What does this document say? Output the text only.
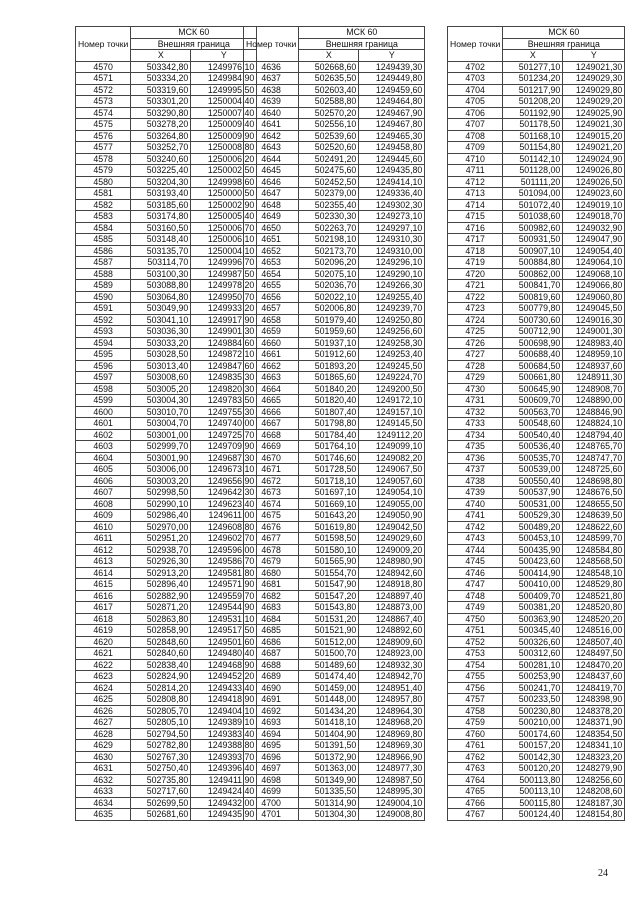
Номер точки	МСК 60	
	Внешняя граница	
	X	Y
4570	503342,80	1249976,10
4571	503334,20	1249984,90
4572	503319,60	1249995,50
4573	503301,20	1250004,40
4574	503290,80	1250007,40
4575	503278,20	1250009,40
4576	503264,80	1250009,90
4577	503252,70	1250008,80
4578	503240,60	1250006,20
4579	503225,40	1250002,50
4580	503204,30	1249998,60
4581	503193,40	1250000,50
4582	503185,60	1250002,90
4583	503174,80	1250005,40
4584	503160,50	1250006,70
4585	503148,40	1250006,10
4586	503135,70	1250004,10
4587	503114,70	1249996,70
4588	503100,30	1249987,50
4589	503088,80	1249978,20
4590	503064,80	1249950,70
4591	503049,90	1249933,20
4592	503041,10	1249917,90
4593	503036,30	1249901,30
4594	503033,20	1249884,60
4595	503028,50	1249872,10
4596	503013,40	1249847,60
4597	503008,60	1249835,30
4598	503005,20	1249820,30
4599	503004,30	1249783,50
4600	503010,70	1249755,30
4601	503004,70	1249740,00
4602	503001,00	1249725,70
4603	502999,70	1249709,90
4604	503001,90	1249687,30
4605	503006,00	1249673,10
4606	503003,20	1249656,90
4607	502998,50	1249642,30
4608	502990,10	1249623,40
4609	502986,40	1249611,00
4610	502970,00	1249608,80
4611	502951,20	1249602,70
4612	502938,70	1249596,00
4613	502926,30	1249586,70
4614	502913,20	1249581,80
4615	502896,40	1249571,90
4616	502882,90	1249559,70
4617	502871,20	1249544,90
4618	502863,80	1249531,10
4619	502858,90	1249517,50
4620	502848,60	1249501,60
4621	502840,60	1249480,40
4622	502838,40	1249468,90
4623	502824,90	1249452,20
4624	502814,20	1249433,40
4625	502808,80	1249418,90
4626	502805,70	1249404,10
4627	502805,10	1249389,10
4628	502794,50	1249383,40
4629	502782,80	1249388,80
4630	502767,30	1249393,70
4631	502750,40	1249396,40
4632	502735,80	1249411,90
4633	502717,60	1249424,40
4634	502699,50	1249432,00
4635	502681,60	1249435,90
Номер точки	МСК 60	
	Внешняя граница	
	X	Y
4636	502668,60	1249439,30
4637	502635,50	1249449,80
4638	502603,40	1249459,60
4639	502588,80	1249464,80
4640	502570,20	1249467,90
4641	502556,10	1249467,80
4642	502539,60	1249465,30
4643	502520,60	1249458,80
4644	502491,20	1249445,60
4645	502475,60	1249435,80
4646	502452,50	1249414,10
4647	502379,00	1249336,40
4648	502355,40	1249302,30
4649	502330,30	1249273,10
4650	502263,70	1249297,10
4651	502198,10	1249310,30
4652	502173,70	1249310,00
4653	502096,20	1249296,10
4654	502075,10	1249290,10
4655	502036,70	1249266,30
4656	502022,10	1249255,40
4657	502006,80	1249239,70
4658	501979,40	1249250,80
4659	501959,60	1249256,60
4660	501937,10	1249258,30
4661	501912,60	1249253,40
4662	501893,20	1249245,50
4663	501865,60	1249224,70
4664	501840,20	1249200,50
4665	501820,40	1249172,10
4666	501807,40	1249157,10
4667	501798,80	1249145,50
4668	501784,40	1249112,20
4669	501764,10	1249099,10
4670	501746,60	1249082,20
4671	501728,50	1249067,50
4672	501718,10	1249057,60
4673	501697,10	1249054,10
4674	501669,10	1249055,00
4675	501643,20	1249050,90
4676	501619,80	1249042,50
4677	501598,50	1249029,60
4678	501580,10	1249009,20
4679	501565,90	1248980,90
4680	501554,70	1248942,60
4681	501547,90	1248918,80
4682	501547,20	1248897,40
4683	501543,80	1248873,00
4684	501531,20	1248867,40
4685	501521,90	1248892,60
4686	501512,00	1248909,60
4687	501500,70	1248923,00
4688	501489,60	1248932,30
4689	501474,40	1248942,70
4690	501459,00	1248951,40
4691	501448,00	1248957,80
4692	501434,20	1248964,30
4693	501418,10	1248968,20
4694	501404,90	1248969,80
4695	501391,50	1248969,30
4696	501372,90	1248966,90
4697	501363,00	1248977,30
4698	501349,90	1248987,50
4699	501335,50	1248995,30
4700	501314,90	1249004,10
4701	501304,30	1249008,80
Номер точки	МСК 60	
	Внешняя граница	
	X	Y
4702	501277,10	1249021,30
4703	501234,20	1249029,30
4704	501217,90	1249029,80
4705	501208,20	1249029,20
4706	501192,90	1249025,90
4707	501178,50	1249021,30
4708	501168,10	1249015,20
4709	501154,80	1249021,20
4710	501142,10	1249024,90
4711	501128,00	1249026,80
4712	501111,20	1249026,50
4713	501094,00	1249023,60
4714	501072,40	1249019,10
4715	501038,60	1249018,70
4716	500982,60	1249032,90
4717	500931,50	1249047,90
4718	500907,10	1249054,40
4719	500884,80	1249064,10
4720	500862,00	1249068,10
4721	500841,70	1249066,80
4722	500819,60	1249060,80
4723	500779,80	1249045,50
4724	500730,60	1249016,30
4725	500712,90	1249001,30
4726	500698,90	1248983,40
4727	500688,40	1248959,10
4728	500684,50	1248937,60
4729	500661,80	1248911,30
4730	500645,90	1248908,70
4731	500609,70	1248890,00
4732	500563,70	1248846,90
4733	500548,60	1248824,10
4734	500540,40	1248794,40
4735	500536,40	1248765,70
4736	500535,70	1248747,70
4737	500539,00	1248725,60
4738	500550,40	1248698,80
4739	500537,90	1248676,50
4740	500531,00	1248655,50
4741	500529,30	1248639,50
4742	500489,20	1248622,60
4743	500453,10	1248599,70
4744	500435,90	1248584,80
4745	500423,60	1248568,50
4746	500414,90	1248548,10
4747	500410,00	1248529,80
4748	500409,70	1248521,80
4749	500381,20	1248520,80
4750	500363,90	1248520,20
4751	500345,40	1248516,00
4752	500326,60	1248507,40
4753	500312,60	1248497,50
4754	500281,10	1248470,20
4755	500253,90	1248437,60
4756	500241,70	1248419,70
4757	500233,50	1248398,90
4758	500230,80	1248378,20
4759	500210,00	1248371,90
4760	500174,60	1248354,50
4761	500157,20	1248341,10
4762	500142,30	1248323,20
4763	500120,20	1248279,90
4764	500113,80	1248256,60
4765	500113,10	1248208,60
4766	500115,80	1248187,30
4767	500124,40	1248154,80
24
